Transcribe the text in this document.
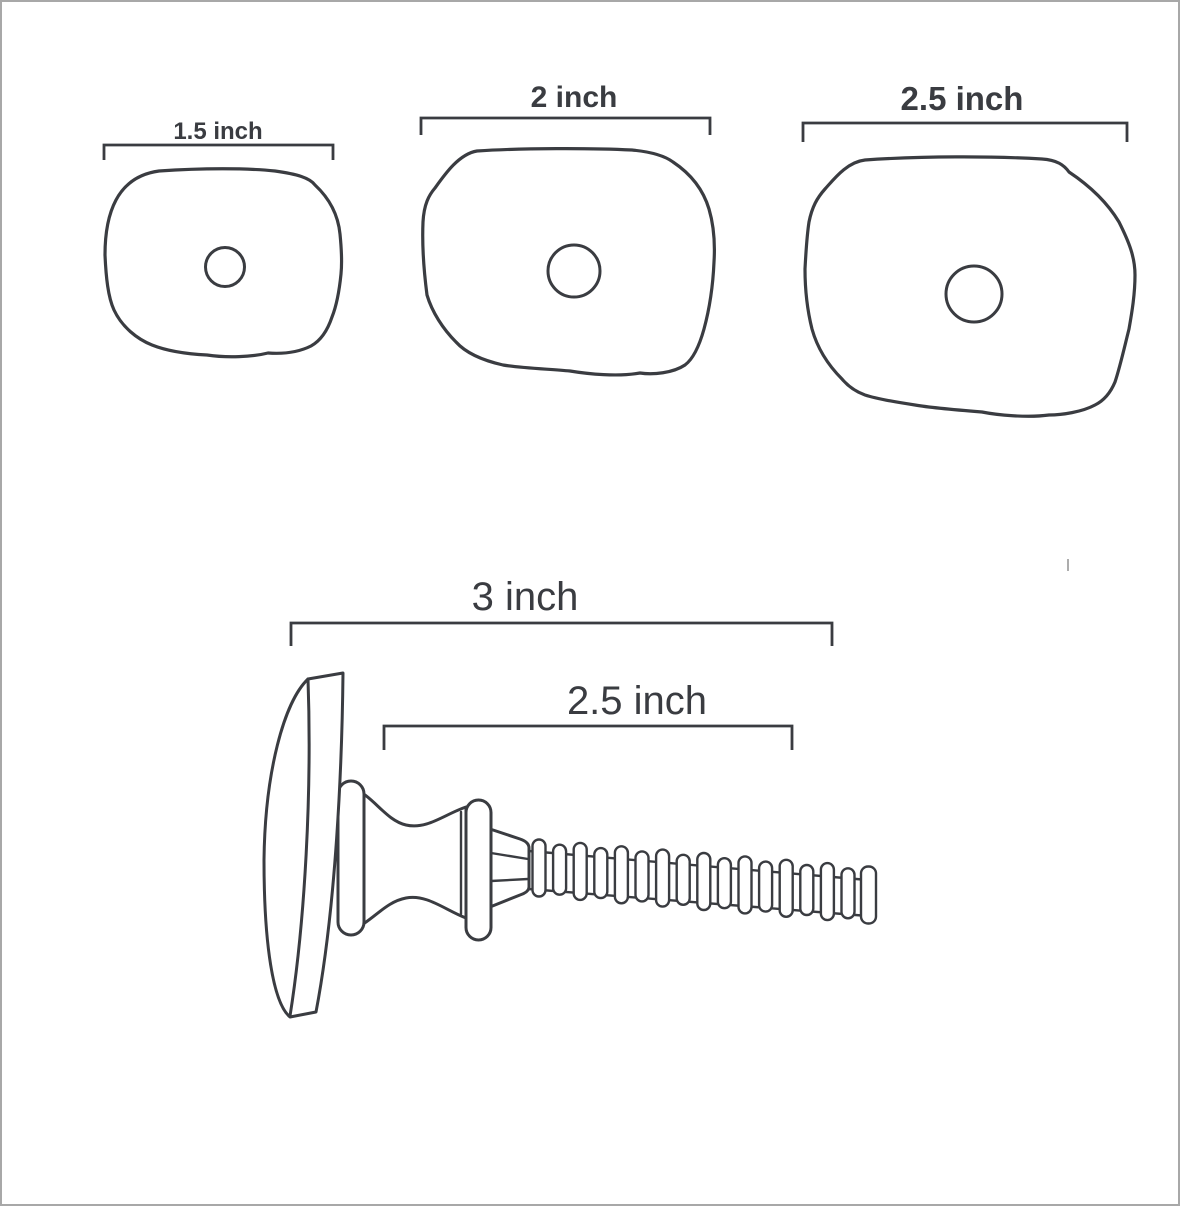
1.5 inch
2 inch	2.5 inch
3 inch
2.5 inch
